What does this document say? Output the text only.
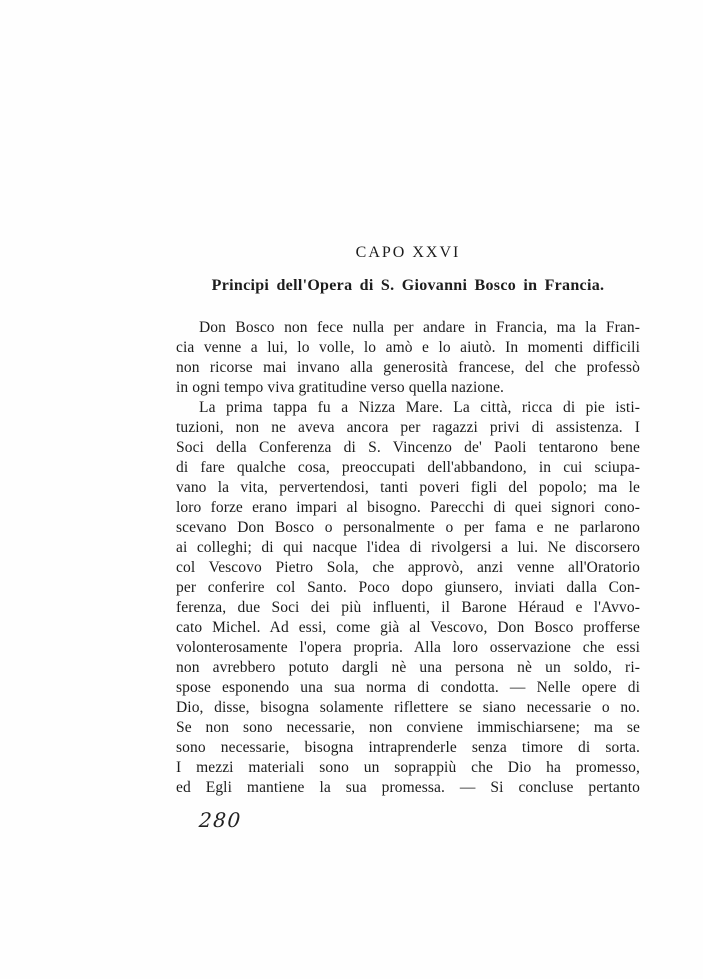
CAPO XXVI
Principi dell'Opera di S. Giovanni Bosco in Francia.
Don Bosco non fece nulla per andare in Francia, ma la Fran-
cia venne a lui, lo volle, lo amò e lo aiutò. In momenti difficili
non ricorse mai invano alla generosità francese, del che professò
in ogni tempo viva gratitudine verso quella nazione.
La prima tappa fu a Nizza Mare. La città, ricca di pie isti-
tuzioni, non ne aveva ancora per ragazzi privi di assistenza. I
Soci della Conferenza di S. Vincenzo de' Paoli tentarono bene
di fare qualche cosa, preoccupati dell'abbandono, in cui sciupa-
vano la vita, pervertendosi, tanti poveri figli del popolo; ma le
loro forze erano impari al bisogno. Parecchi di quei signori cono-
scevano Don Bosco o personalmente o per fama e ne parlarono
ai colleghi; di qui nacque l'idea di rivolgersi a lui. Ne discorsero
col Vescovo Pietro Sola, che approvò, anzi venne all'Oratorio
per conferire col Santo. Poco dopo giunsero, inviati dalla Con-
ferenza, due Soci dei più influenti, il Barone Héraud e l'Avvo-
cato Michel. Ad essi, come già al Vescovo, Don Bosco profferse
volonterosamente l'opera propria. Alla loro osservazione che essi
non avrebbero potuto dargli nè una persona nè un soldo, ri-
spose esponendo una sua norma di condotta. — Nelle opere di
Dio, disse, bisogna solamente riflettere se siano necessarie o no.
Se non sono necessarie, non conviene immischiarsene; ma se
sono necessarie, bisogna intraprenderle senza timore di sorta.
I mezzi materiali sono un soprappiù che Dio ha promesso,
ed Egli mantiene la sua promessa. — Si concluse pertanto
280
